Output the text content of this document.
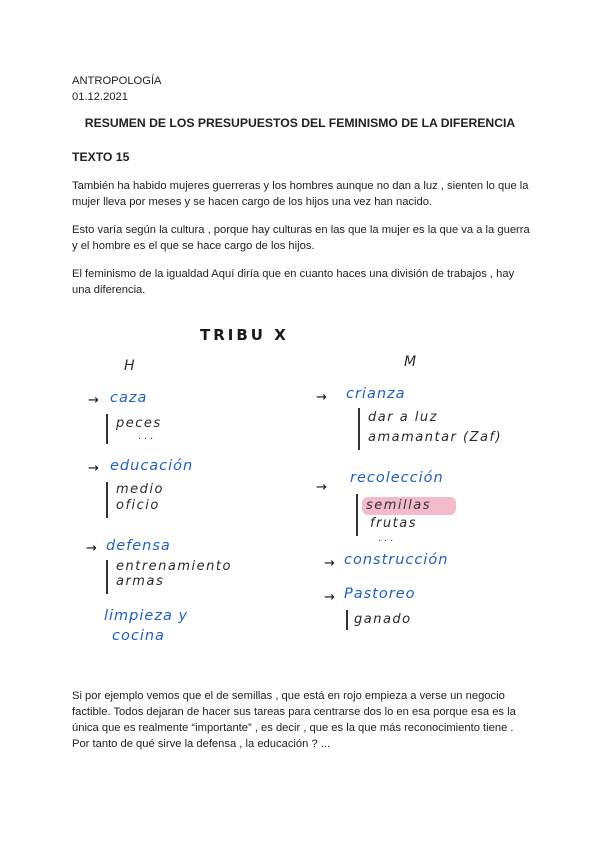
ANTROPOLOGÍA

01.12.2021

RESUMEN DE LOS PRESUPUESTOS DEL FEMINISMO DE LA DIFERENCIA

TEXTO 15

También ha habido mujeres guerreras y los hombres aunque no dan a luz , sienten lo que la mujer lleva por meses y se hacen cargo de los hijos una vez han nacido.

Esto varía según la cultura , porque hay culturas en las que la mujer es la que va a la guerra y el hombre es el que se hace cargo de los hijos.

El feminismo de la igualdad Aquí diría que en cuanto haces una división de trabajos , hay una diferencia.

TRIBU X
H	M
→ caza
peces
...
→ educación
medio
oficio
→ defensa
entrenamiento
armas
limpieza y
cocina
→ crianza
dar a luz
amamantar (Zaf)
→
recolección
semillas
frutas
...
→ construcción
→ Pastoreo
ganado

Si por ejemplo vemos que el de semillas , que está en rojo empieza a verse un negocio factible. Todos dejaran de hacer sus tareas para centrarse dos lo en esa porque esa es la única que es realmente “importante” , es decir , que es la que más reconocimiento tiene . Por tanto de qué sirve la defensa , la educación ? ...
